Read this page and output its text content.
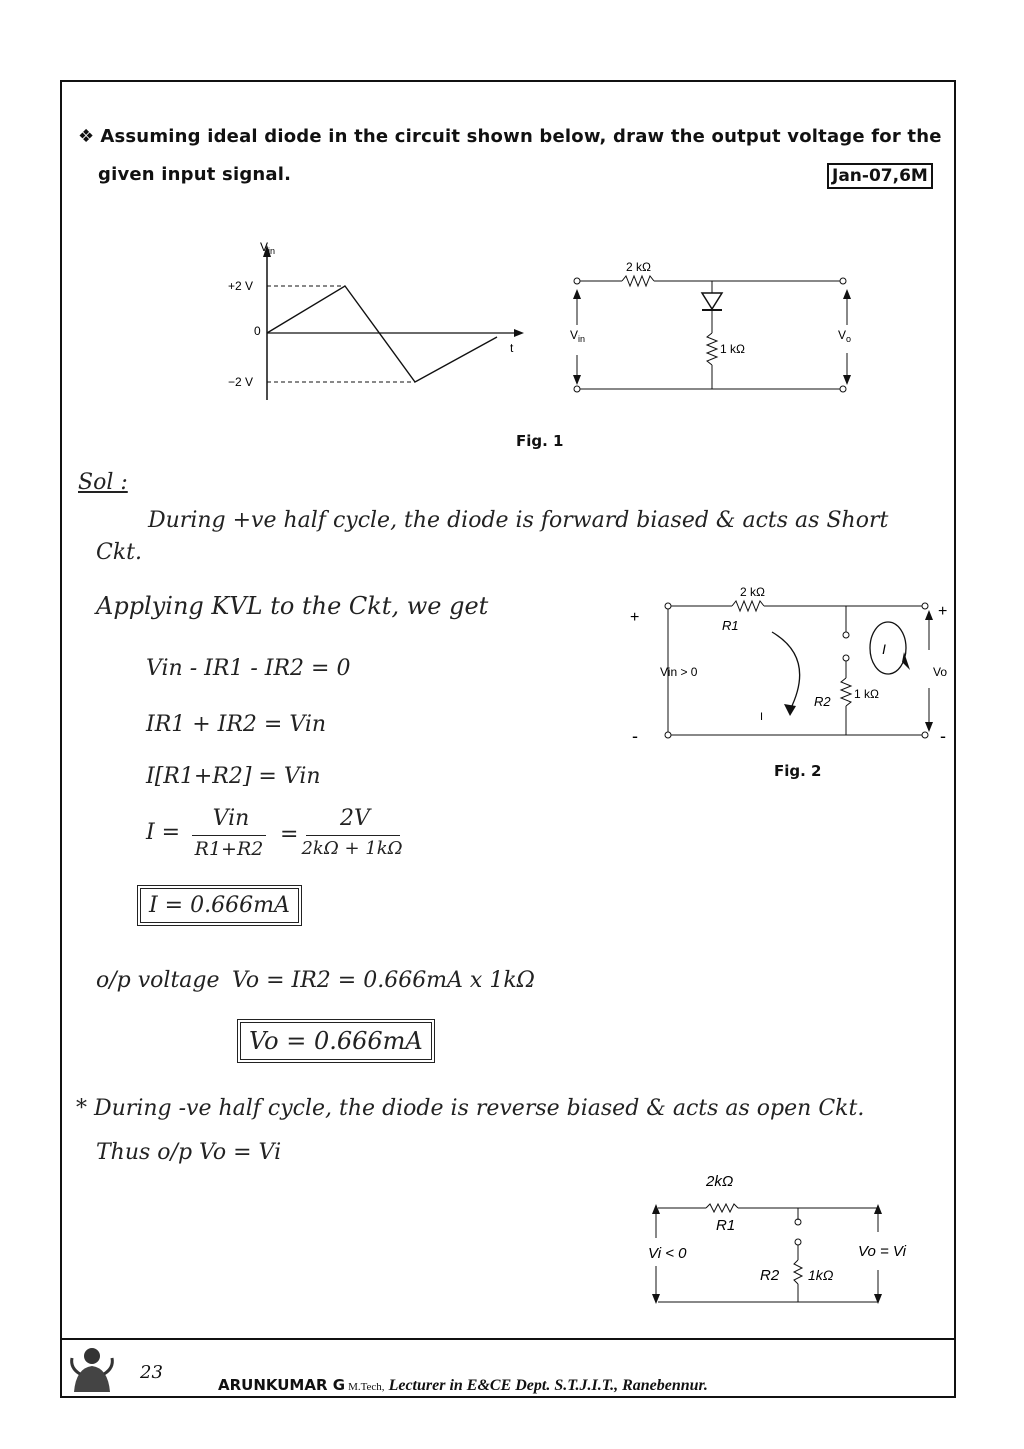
❖ Assuming ideal diode in the circuit shown below, draw the output voltage for the
given input signal.	Jan-07,6M
$V_{in}$
+2 V
0
−2 V
t
2 kΩ
1 kΩ
$V_{in}$	$V_o$
Fig. 1
Sol :
During +ve half cycle, the diode is forward biased & acts as Short
Ckt.
Applying KVL to the Ckt, we get
Vin - IR1 - IR2 = 0
IR1 + IR2 = Vin
I[R1+R2] = Vin
I =
Vin
R1+R2
=
2V
2kΩ + 1kΩ
I = 0.666mA
o/p voltage Vo = IR2 = 0.666mA x 1kΩ
Vo = 0.666mA
* During -ve half cycle, the diode is reverse biased & acts as open Ckt.
Thus o/p Vo = Vi
+
-
+
-
2 kΩ
R1
R2 1 kΩ
Vin > 0	Vo
I
I
Fig. 2
2kΩ
R1
R2 1kΩ
Vi < 0	Vo = Vi
23
ARUNKUMAR G M.Tech, Lecturer in E&CE Dept. S.T.J.I.T., Ranebennur.
